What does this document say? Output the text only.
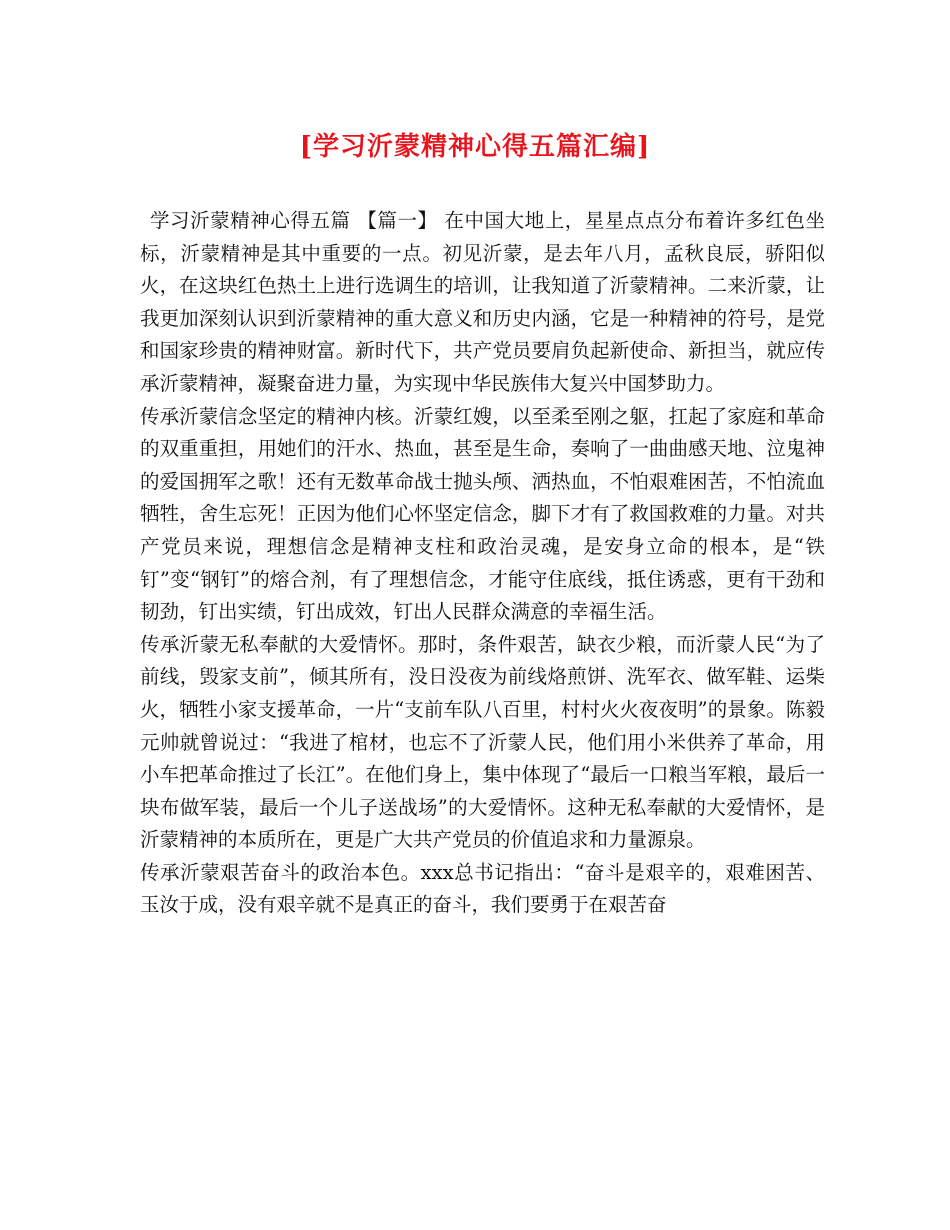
[学习沂蒙精神心得五篇汇编]

学习沂蒙精神心得五篇 【篇一】 在中国大地上，星星点点分布着许多红色坐标，沂蒙精神是其中重要的一点。初见沂蒙，是去年八月，孟秋良辰，骄阳似火，在这块红色热土上进行选调生的培训，让我知道了沂蒙精神。二来沂蒙，让我更加深刻认识到沂蒙精神的重大意义和历史内涵，它是一种精神的符号，是党和国家珍贵的精神财富。新时代下，共产党员要肩负起新使命、新担当，就应传承沂蒙精神，凝聚奋进力量，为实现中华民族伟大复兴中国梦助力。

传承沂蒙信念坚定的精神内核。沂蒙红嫂，以至柔至刚之躯，扛起了家庭和革命的双重重担，用她们的汗水、热血，甚至是生命，奏响了一曲曲感天地、泣鬼神的爱国拥军之歌！还有无数革命战士抛头颅、洒热血，不怕艰难困苦，不怕流血牺牲，舍生忘死！正因为他们心怀坚定信念，脚下才有了救国救难的力量。对共产党员来说，理想信念是精神支柱和政治灵魂，是安身立命的根本，是“铁钉”变“钢钉”的熔合剂，有了理想信念，才能守住底线，抵住诱惑，更有干劲和韧劲，钉出实绩，钉出成效，钉出人民群众满意的幸福生活。

传承沂蒙无私奉献的大爱情怀。那时，条件艰苦，缺衣少粮，而沂蒙人民“为了前线，毁家支前”，倾其所有，没日没夜为前线烙煎饼、洗军衣、做军鞋、运柴火，牺牲小家支援革命，一片“支前车队八百里，村村火火夜夜明”的景象。陈毅元帅就曾说过：“我进了棺材，也忘不了沂蒙人民，他们用小米供养了革命，用小车把革命推过了长江”。在他们身上，集中体现了“最后一口粮当军粮，最后一块布做军装，最后一个儿子送战场”的大爱情怀。这种无私奉献的大爱情怀，是沂蒙精神的本质所在，更是广大共产党员的价值追求和力量源泉。

传承沂蒙艰苦奋斗的政治本色。xxx总书记指出：“奋斗是艰辛的，艰难困苦、玉汝于成，没有艰辛就不是真正的奋斗，我们要勇于在艰苦奋
